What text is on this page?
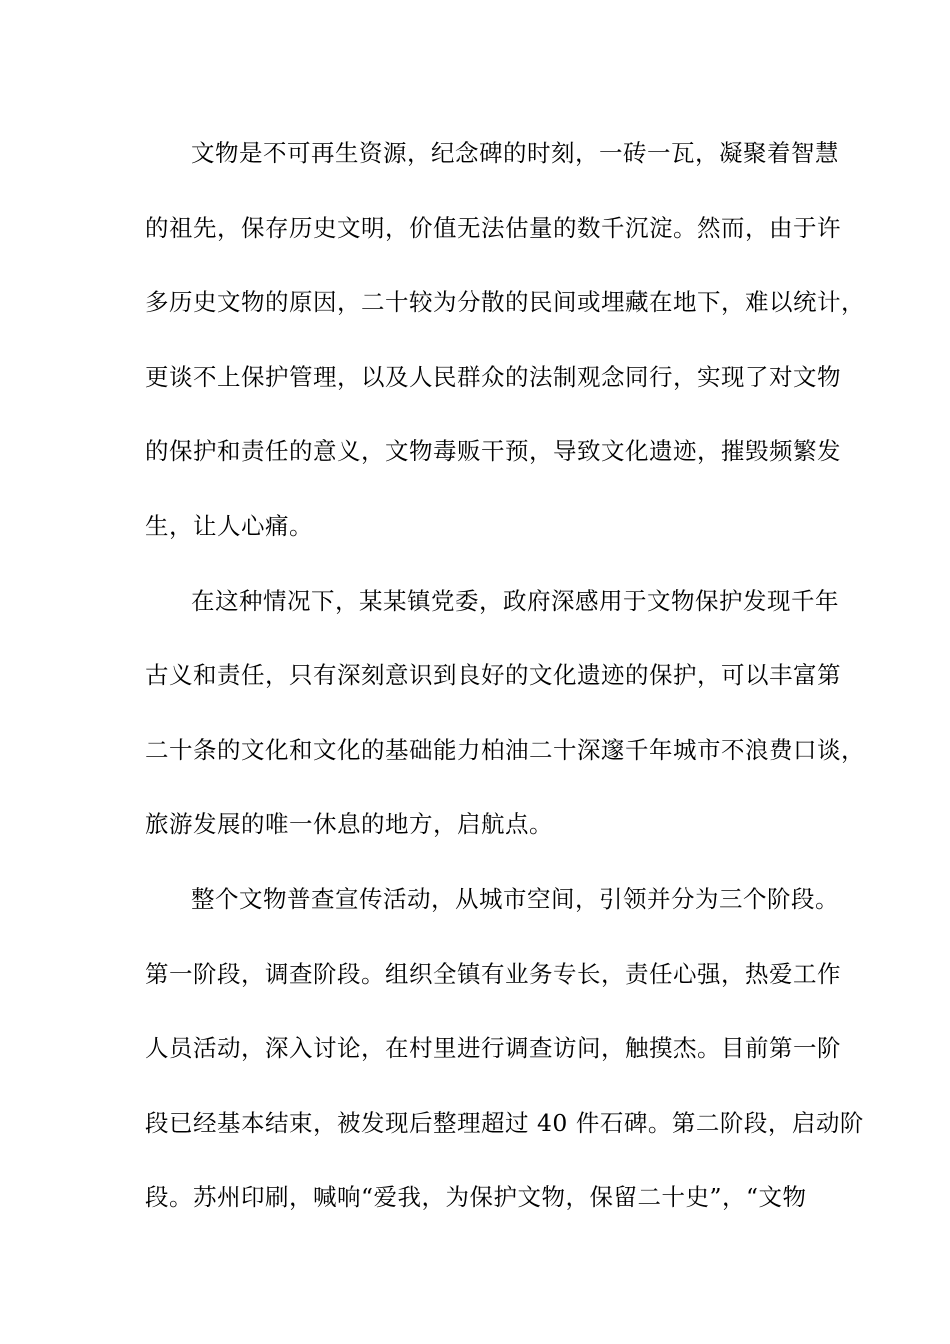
文物是不可再生资源，纪念碑的时刻，一砖一瓦，凝聚着智慧
的祖先，保存历史文明，价值无法估量的数千沉淀。然而，由于许
多历史文物的原因，二十较为分散的民间或埋藏在地下，难以统计，
更谈不上保护管理，以及人民群众的法制观念同行，实现了对文物
的保护和责任的意义，文物毒贩干预，导致文化遗迹，摧毁频繁发
生，让人心痛。
在这种情况下，某某镇党委，政府深感用于文物保护发现千年
古义和责任，只有深刻意识到良好的文化遗迹的保护，可以丰富第
二十条的文化和文化的基础能力柏油二十深邃千年城市不浪费口谈，
旅游发展的唯一休息的地方，启航点。
整个文物普查宣传活动，从城市空间，引领并分为三个阶段。
第一阶段，调查阶段。组织全镇有业务专长，责任心强，热爱工作
人员活动，深入讨论，在村里进行调查访问，触摸杰。目前第一阶
段已经基本结束，被发现后整理超过 40 件石碑。第二阶段，启动阶
段。苏州印刷，喊响“爱我，为保护文物，保留二十史”，“文物
